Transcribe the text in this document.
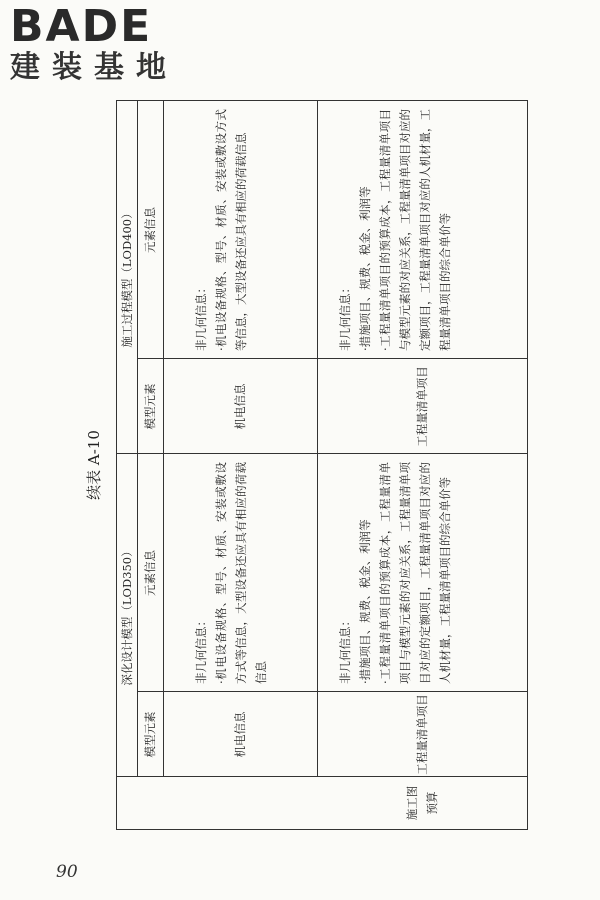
BADE
建装基地
续表 A-10
施工图预算
深化设计模型（LOD350）
施工过程模型（LOD400）
模型元素
元素信息
模型元素
元素信息
机电信息
非几何信息： ·机电设备规格、型号、材质、安装或敷设方式等信息，大型设备还应具有相应的荷载信息
机电信息
非几何信息： ·机电设备规格、型号、材质、安装或敷设方式等信息，大型设备还应具有相应的荷载信息
工程量清单项目
非几何信息： ·措施项目、规费、税金、利润等 ·工程量清单项目的预算成本，工程量清单项目与模型元素的对应关系，工程量清单项目对应的定额项目，工程量清单项目对应的人机材量，工程量清单项目的综合单价等
工程量清单项目
非几何信息： ·措施项目、规费、税金、利润等 ·工程量清单项目的预算成本，工程量清单项目与模型元素的对应关系，工程量清单项目对应的定额项目，工程量清单项目对应的人机材量，工程量清单项目的综合单价等
90
